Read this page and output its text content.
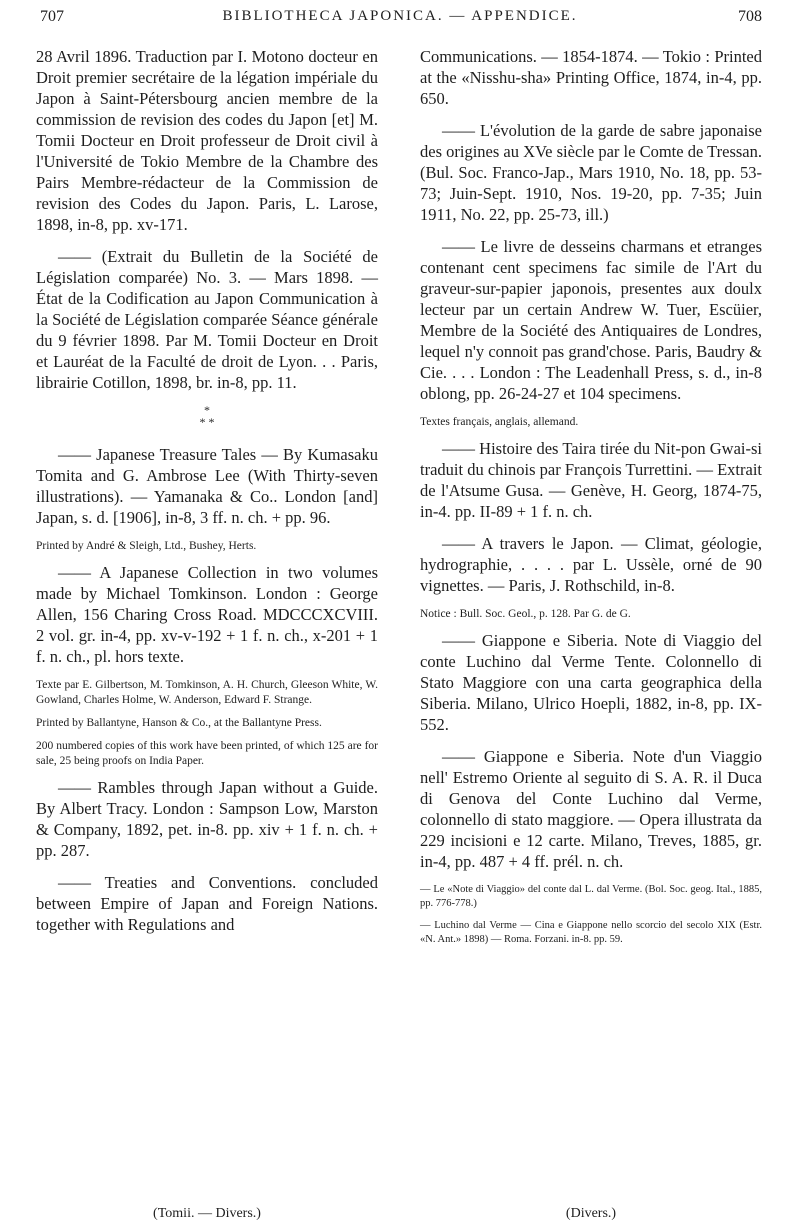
707	BIBLIOTHECA JAPONICA. — APPENDICE.	708

28 Avril 1896. Traduction par I. Motono docteur en Droit premier secrétaire de la légation impériale du Japon à Saint-Pétersbourg ancien membre de la commission de revision des codes du Japon [et] M. Tomii Docteur en Droit professeur de Droit civil à l'Université de Tokio Membre de la Chambre des Pairs Membre-rédacteur de la Commission de revision des Codes du Japon. Paris, L. Larose, 1898, in-8, pp. xv-171.

—— (Extrait du Bulletin de la Société de Législation comparée) No. 3. — Mars 1898. — État de la Codification au Japon Communication à la Société de Législation comparée Séance générale du 9 février 1898. Par M. Tomii Docteur en Droit et Lauréat de la Faculté de droit de Lyon. . . Paris, librairie Cotillon, 1898, br. in-8, pp. 11.

*
* *

—— Japanese Treasure Tales — By Kumasaku Tomita and G. Ambrose Lee (With Thirty-seven illustrations). — Yamanaka & Co.. London [and] Japan, s. d. [1906], in-8, 3 ff. n. ch. + pp. 96.

Printed by André & Sleigh, Ltd., Bushey, Herts.

—— A Japanese Collection in two volumes made by Michael Tomkinson. London : George Allen, 156 Charing Cross Road. MDCCCXCVIII. 2 vol. gr. in-4, pp. xv-v-192 + 1 f. n. ch., x-201 + 1 f. n. ch., pl. hors texte.

Texte par E. Gilbertson, M. Tomkinson, A. H. Church, Gleeson White, W. Gowland, Charles Holme, W. Anderson, Edward F. Strange.

Printed by Ballantyne, Hanson & Co., at the Ballantyne Press.

200 numbered copies of this work have been printed, of which 125 are for sale, 25 being proofs on India Paper.

—— Rambles through Japan without a Guide. By Albert Tracy. London : Sampson Low, Marston & Company, 1892, pet. in-8. pp. xiv + 1 f. n. ch. + pp. 287.

—— Treaties and Conventions. concluded between Empire of Japan and Foreign Nations. together with Regulations and

Communications. — 1854-1874. — Tokio : Printed at the «Nisshu-sha» Printing Office, 1874, in-4, pp. 650.

—— L'évolution de la garde de sabre japonaise des origines au XVe siècle par le Comte de Tressan. (Bul. Soc. Franco-Jap., Mars 1910, No. 18, pp. 53-73; Juin-Sept. 1910, Nos. 19-20, pp. 7-35; Juin 1911, No. 22, pp. 25-73, ill.)

—— Le livre de desseins charmans et etranges contenant cent specimens fac simile de l'Art du graveur-sur-papier japonois, presentes aux doulx lecteur par un certain Andrew W. Tuer, Escüier, Membre de la Société des Antiquaires de Londres, lequel n'y connoit pas grand'chose. Paris, Baudry & Cie. . . . London : The Leadenhall Press, s. d., in-8 oblong, pp. 26-24-27 et 104 specimens.

Textes français, anglais, allemand.

—— Histoire des Taira tirée du Nit-pon Gwai-si traduit du chinois par François Turrettini. — Extrait de l'Atsume Gusa. — Genève, H. Georg, 1874-75, in-4. pp. II-89 + 1 f. n. ch.

—— A travers le Japon. — Climat, géologie, hydrographie, . . . . par L. Ussèle, orné de 90 vignettes. — Paris, J. Rothschild, in-8.

Notice : Bull. Soc. Geol., p. 128. Par G. de G.

—— Giappone e Siberia. Note di Viaggio del conte Luchino dal Verme Tente. Colonnello di Stato Maggiore con una carta geographica della Siberia. Milano, Ulrico Hoepli, 1882, in-8, pp. IX-552.

—— Giappone e Siberia. Note d'un Viaggio nell' Estremo Oriente al seguito di S. A. R. il Duca di Genova del Conte Luchino dal Verme, colonnello di stato maggiore. — Opera illustrata da 229 incisioni e 12 carte. Milano, Treves, 1885, gr. in-4, pp. 487 + 4 ff. prél. n. ch.

— Le «Note di Viaggio» del conte dal L. dal Verme. (Bol. Soc. geog. Ital., 1885, pp. 776-778.)

— Luchino dal Verme — Cina e Giappone nello scorcio del secolo XIX (Estr. «N. Ant.» 1898) — Roma. Forzani. in-8. pp. 59.

(Tomii. — Divers.)	(Divers.)
